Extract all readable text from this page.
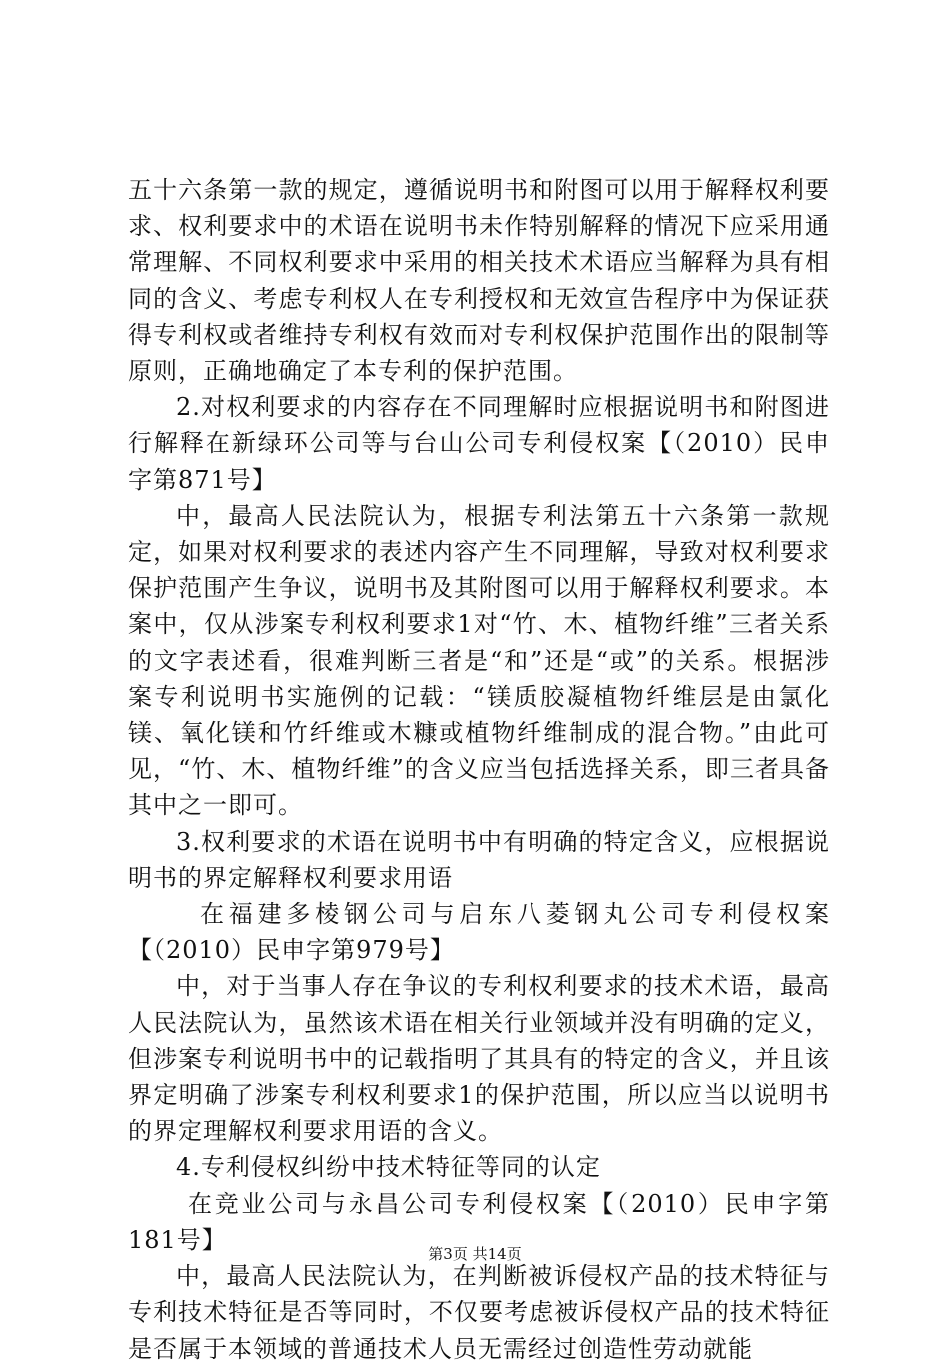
五十六条第一款的规定，遵循说明书和附图可以用于解释权利要求、权利要求中的术语在说明书未作特别解释的情况下应采用通常理解、不同权利要求中采用的相关技术术语应当解释为具有相同的含义、考虑专利权人在专利授权和无效宣告程序中为保证获得专利权或者维持专利权有效而对专利权保护范围作出的限制等原则，正确地确定了本专利的保护范围。

2.对权利要求的内容存在不同理解时应根据说明书和附图进行解释在新绿环公司等与台山公司专利侵权案【（2010）民申字第871号】

中，最高人民法院认为，根据专利法第五十六条第一款规定，如果对权利要求的表述内容产生不同理解，导致对权利要求保护范围产生争议，说明书及其附图可以用于解释权利要求。本案中，仅从涉案专利权利要求1对“竹、木、植物纤维”三者关系的文字表述看，很难判断三者是“和”还是“或”的关系。根据涉案专利说明书实施例的记载：“镁质胶凝植物纤维层是由氯化镁、氧化镁和竹纤维或木糠或植物纤维制成的混合物。”由此可见，“竹、木、植物纤维”的含义应当包括选择关系，即三者具备其中之一即可。

3.权利要求的术语在说明书中有明确的特定含义，应根据说明书的界定解释权利要求用语

在福建多棱钢公司与启东八菱钢丸公司专利侵权案【（2010）民申字第979号】

中，对于当事人存在争议的专利权利要求的技术术语，最高人民法院认为，虽然该术语在相关行业领域并没有明确的定义，但涉案专利说明书中的记载指明了其具有的特定的含义，并且该界定明确了涉案专利权利要求1的保护范围，所以应当以说明书的界定理解权利要求用语的含义。

4.专利侵权纠纷中技术特征等同的认定

在竞业公司与永昌公司专利侵权案【（2010）民申字第181号】

中，最高人民法院认为，在判断被诉侵权产品的技术特征与专利技术特征是否等同时，不仅要考虑被诉侵权产品的技术特征是否属于本领域的普通技术人员无需经过创造性劳动就能

第3页 共14页
